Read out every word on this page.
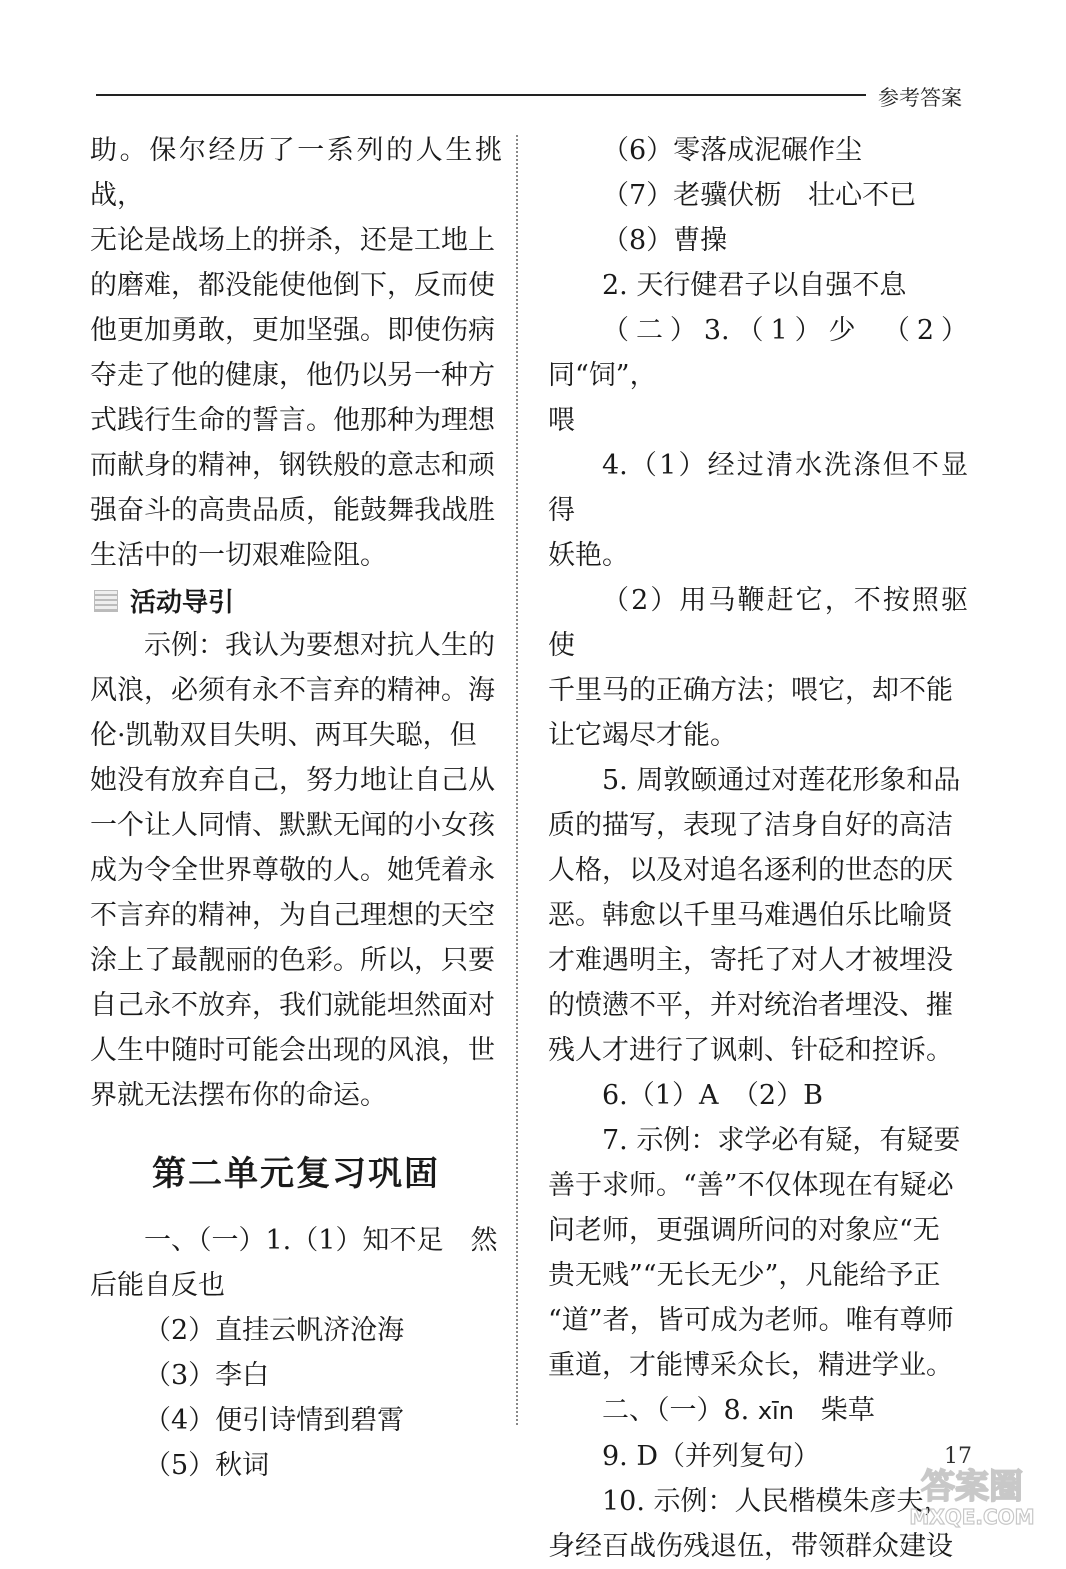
参考答案

助。保尔经历了一系列的人生挑战，

无论是战场上的拼杀，还是工地上

的磨难，都没能使他倒下，反而使

他更加勇敢，更加坚强。即使伤病

夺走了他的健康，他仍以另一种方

式践行生命的誓言。他那种为理想

而献身的精神，钢铁般的意志和顽

强奋斗的高贵品质，能鼓舞我战胜

生活中的一切艰难险阻。

活动导引

示例：我认为要想对抗人生的

风浪，必须有永不言弃的精神。海

伦·凯勒双目失明、两耳失聪，但

她没有放弃自己，努力地让自己从

一个让人同情、默默无闻的小女孩

成为令全世界尊敬的人。她凭着永

不言弃的精神，为自己理想的天空

涂上了最靓丽的色彩。所以，只要

自己永不放弃，我们就能坦然面对

人生中随时可能会出现的风浪，世

界就无法摆布你的命运。

第二单元复习巩固

一、（一）1.（1）知不足　然

后能自反也

（2）直挂云帆济沧海

（3）李白

（4）便引诗情到碧霄

（5）秋词

（6）零落成泥碾作尘

（7）老骥伏枥　壮心不已

（8）曹操

2. 天行健君子以自强不息

（二）3.（1）少　（2）同“饲”，

喂

4.（1）经过清水洗涤但不显得

妖艳。

（2）用马鞭赶它，不按照驱使

千里马的正确方法；喂它，却不能

让它竭尽才能。

5. 周敦颐通过对莲花形象和品

质的描写，表现了洁身自好的高洁

人格，以及对追名逐利的世态的厌

恶。韩愈以千里马难遇伯乐比喻贤

才难遇明主，寄托了对人才被埋没

的愤懑不平，并对统治者埋没、摧

残人才进行了讽刺、针砭和控诉。

6.（1）A　（2）B

7. 示例：求学必有疑，有疑要

善于求师。“善”不仅体现在有疑必

问老师，更强调所问的对象应“无

贵无贱”“无长无少”，凡能给予正

“道”者，皆可成为老师。唯有尊师

重道，才能博采众长，精进学业。

二、（一）8. xīn　柴草

9. D（并列复句）

10. 示例：人民楷模朱彦夫，

身经百战伤残退伍，带领群众建设

17
答案圈
MXQE.COM
